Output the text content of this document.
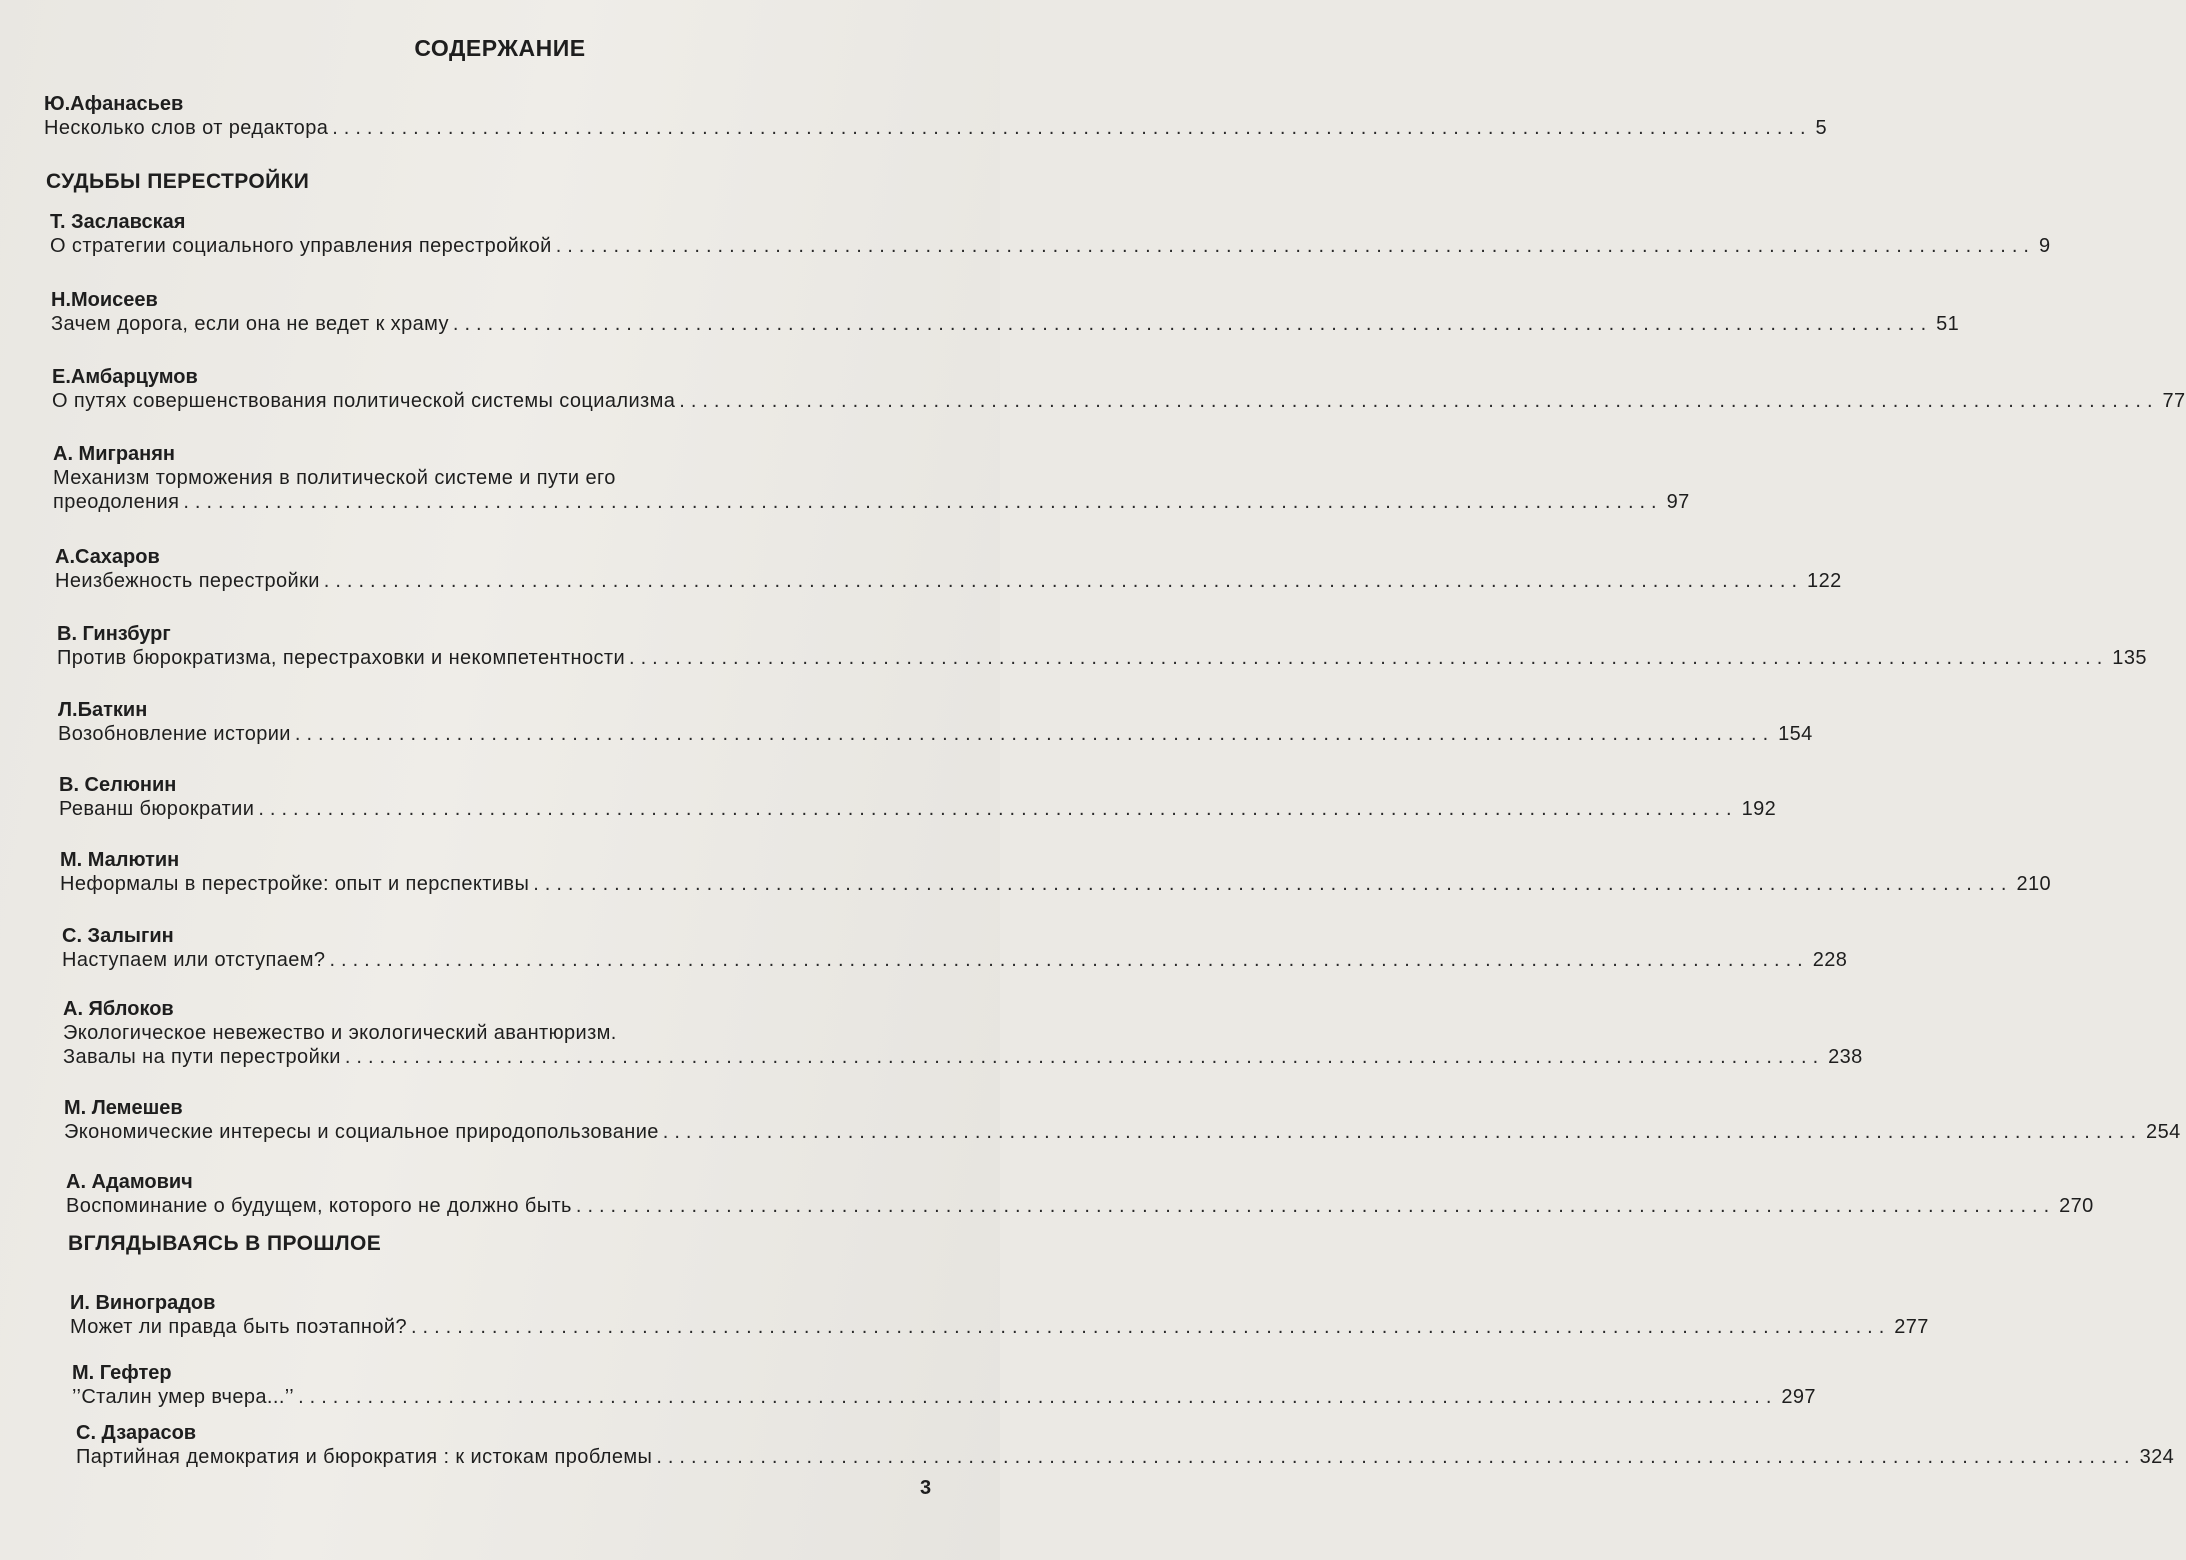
СОДЕРЖАНИЕ
Ю.Афанасьев
Несколько слов от редактора ................................................................................................................................ 5
СУДЬБЫ ПЕРЕСТРОЙКИ
Т. Заславская
О стратегии социального управления перестройкой ................................................................................................................................ 9
Н.Моисеев
Зачем дорога, если она не ведет к храму ................................................................................................................................ 51
Е.Амбарцумов
О путях совершенствования политической системы социализма ................................................................................................................................ 77
А. Мигранян
Механизм торможения в политической системе и пути его
преодоления ................................................................................................................................ 97
А.Сахаров
Неизбежность перестройки ................................................................................................................................ 122
В. Гинзбург
Против бюрократизма, перестраховки и некомпетентности ................................................................................................................................ 135
Л.Баткин
Возобновление истории ................................................................................................................................ 154
В. Селюнин
Реванш бюрократии ................................................................................................................................ 192
М. Малютин
Неформалы в перестройке: опыт и перспективы ................................................................................................................................ 210
С. Залыгин
Наступаем или отступаем? ................................................................................................................................ 228
А. Яблоков
Экологическое невежество и экологический авантюризм.
Завалы на пути перестройки ................................................................................................................................ 238
М. Лемешев
Экономические интересы и социальное природопользование ................................................................................................................................ 254
А. Адамович
Воспоминание о будущем, которого не должно быть ................................................................................................................................ 270
ВГЛЯДЫВАЯСЬ В ПРОШЛОЕ
И. Виноградов
Может ли правда быть поэтапной? ................................................................................................................................ 277
М. Гефтер
’’Сталин умер вчера...’’ ................................................................................................................................ 297
С. Дзарасов
Партийная демократия и бюрократия : к истокам проблемы ................................................................................................................................ 324
3
